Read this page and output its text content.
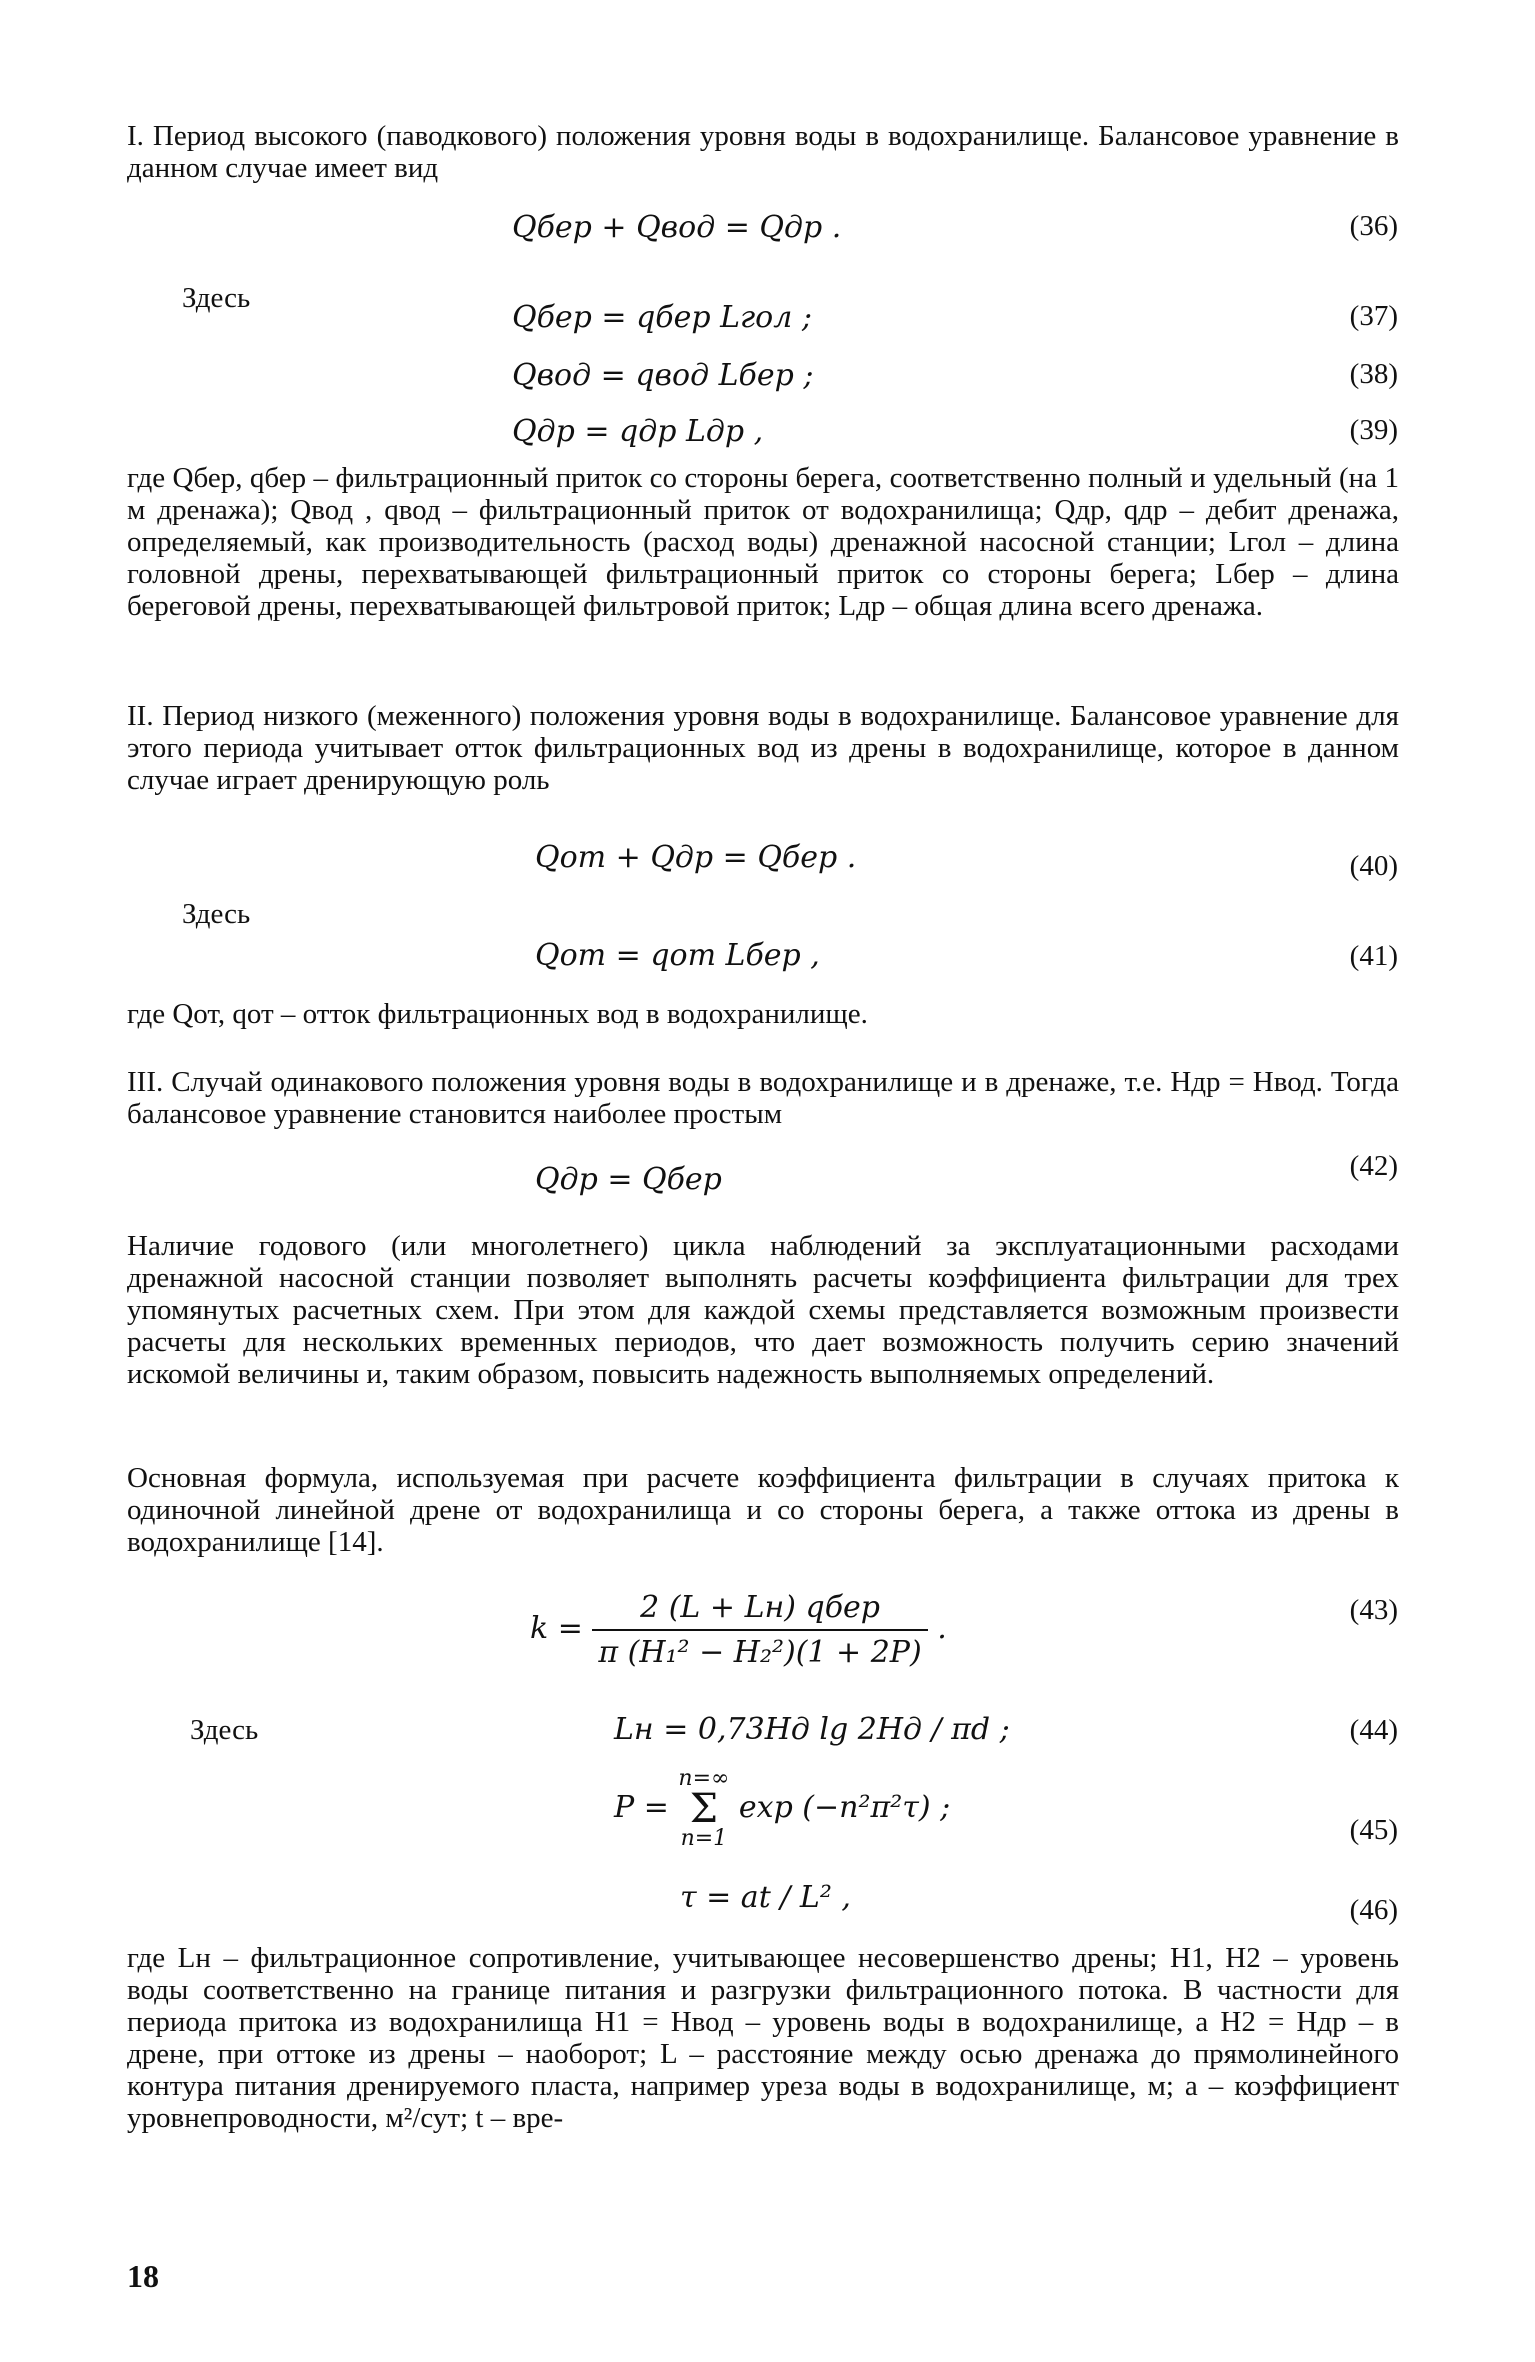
I. Период высокого (паводкового) положения уровня воды в водохранилище. Балансовое уравнение в данном случае имеет вид
Qбер + Qвод = Qдр .	(36)
Здесь
Qбер = qбер Lгол ;	(37)
Qвод = qвод Lбер ;	(38)
Qдр = qдр Lдр ,	(39)
где Qбер, qбер – фильтрационный приток со стороны берега, соответственно полный и удельный (на 1 м дренажа); Qвод , qвод – фильтрационный приток от водохранилища; Qдр, qдр – дебит дренажа, определяемый, как производительность (расход воды) дренажной насосной станции; Lгол – длина головной дрены, перехватывающей фильтрационный приток со стороны берега; Lбер – длина береговой дрены, перехватывающей фильтровой приток; Lдр – общая длина всего дренажа.
II. Период низкого (меженного) положения уровня воды в водохранилище. Балансовое уравнение для этого периода учитывает отток фильтрационных вод из дрены в водохранилище, которое в данном случае играет дренирующую роль
Qот + Qдр = Qбер .	(40)
Здесь
Qот = qот Lбер ,	(41)
где Qот, qот – отток фильтрационных вод в водохранилище.
III. Случай одинакового положения уровня воды в водохранилище и в дренаже, т.е. Hдр = Hвод. Тогда балансовое уравнение становится наиболее простым
Qдр = Qбер	(42)
Наличие годового (или многолетнего) цикла наблюдений за эксплуатационными расходами дренажной насосной станции позволяет выполнять расчеты коэффициента фильтрации для трех упомянутых расчетных схем. При этом для каждой схемы представляется возможным произвести расчеты для нескольких временных периодов, что дает возможность получить серию значений искомой величины и, таким образом, повысить надежность выполняемых определений.
Основная формула, используемая при расчете коэффициента фильтрации в случаях притока к одиночной линейной дрене от водохранилища и со стороны берега, а также оттока из дрены в водохранилище [14].
$k = \frac{\text{2 (L + Lн) qбер}}{\text{π (H₁² − H₂²)(1 + 2P)}}$ .
(43)
Здесь	Lн = 0,73Hд lg 2Hд / πd ;	(44)
P =
n=∞
Σ
n=1
exp (−n²π²τ) ;
(45)
τ = at / L² ,	(46)
где Lн – фильтрационное сопротивление, учитывающее несовершенство дрены; H1, H2 – уровень воды соответственно на границе питания и разгрузки фильтрационного потока. В частности для периода притока из водохранилища H1 = Hвод – уровень воды в водохранилище, а H2 = Hдр – в дрене, при оттоке из дрены – наоборот; L – расстояние между осью дренажа до прямолинейного контура питания дренируемого пласта, например уреза воды в водохранилище, м; a – коэффициент уровнепроводности, м²/сут; t – вре-
18
